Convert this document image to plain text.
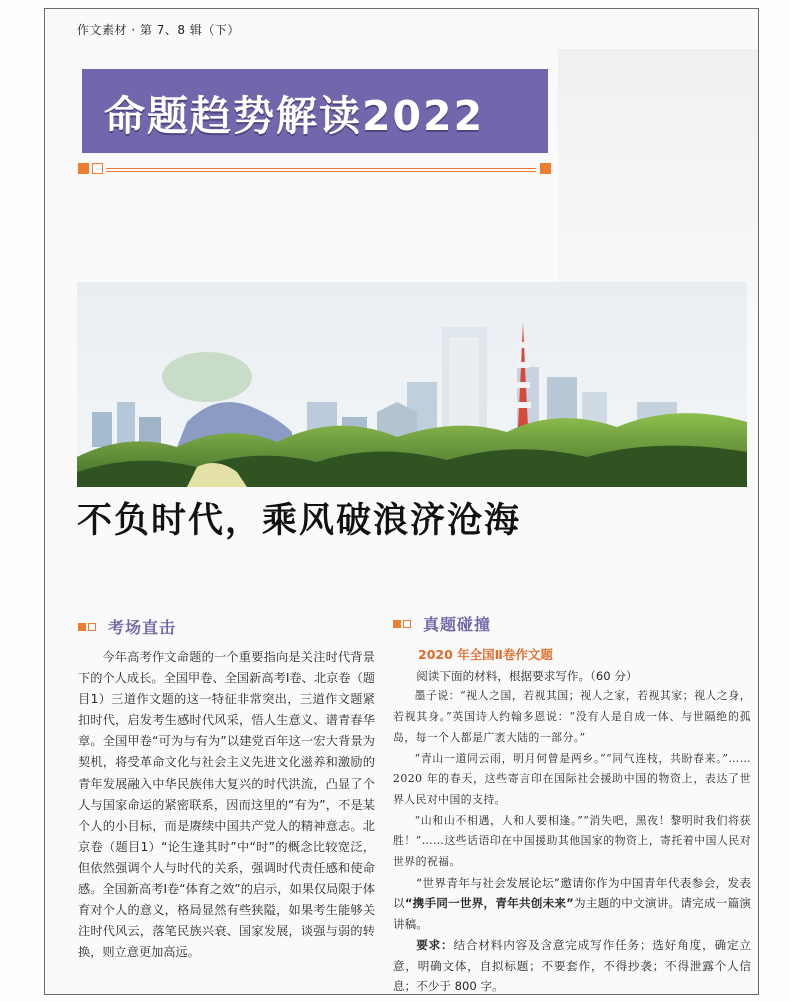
作文素材 · 第 7、8 辑（下）
命题趋势解读2022
不负时代，乘风破浪济沧海
考场直击

今年高考作文命题的一个重要指向是关注时代背景下的个人成长。全国甲卷、全国新高考Ⅰ卷、北京卷（题目1）三道作文题的这一特征非常突出，三道作文题紧扣时代，启发考生感时代风采，悟人生意义、谱青春华章。全国甲卷“可为与有为”以建党百年这一宏大背景为契机，将受革命文化与社会主义先进文化滋养和激励的青年发展融入中华民族伟大复兴的时代洪流，凸显了个人与国家命运的紧密联系，因而这里的“有为”，不是某个人的小目标，而是赓续中国共产党人的精神意志。北京卷（题目1）“论生逢其时”中“时”的概念比较宽泛，但依然强调个人与时代的关系，强调时代责任感和使命感。全国新高考Ⅰ卷“体育之效”的启示，如果仅局限于体育对个人的意义，格局显然有些狭隘，如果考生能够关注时代风云，落笔民族兴衰、国家发展，谈强与弱的转换，则立意更加高远。

真题碰撞

2020 年全国Ⅱ卷作文题

阅读下面的材料，根据要求写作。（60 分）

墨子说：“视人之国，若视其国；视人之家，若视其家；视人之身，若视其身。”英国诗人约翰多恩说：“没有人是自成一体、与世隔绝的孤岛，每一个人都是广袤大陆的一部分。”

“青山一道同云雨，明月何曾是两乡。”“同气连枝，共盼春来。”……2020 年的春天，这些寄言印在国际社会援助中国的物资上，表达了世界人民对中国的支持。

“山和山不相遇，人和人要相逢。”“消失吧，黑夜！黎明时我们将获胜！”……这些话语印在中国援助其他国家的物资上，寄托着中国人民对世界的祝福。

“世界青年与社会发展论坛”邀请你作为中国青年代表参会，发表以“携手同一世界，青年共创未来”为主题的中文演讲。请完成一篇演讲稿。

要求：结合材料内容及含意完成写作任务；选好角度，确定立意，明确文体，自拟标题；不要套作，不得抄袭；不得泄露个人信息；不少于 800 字。
